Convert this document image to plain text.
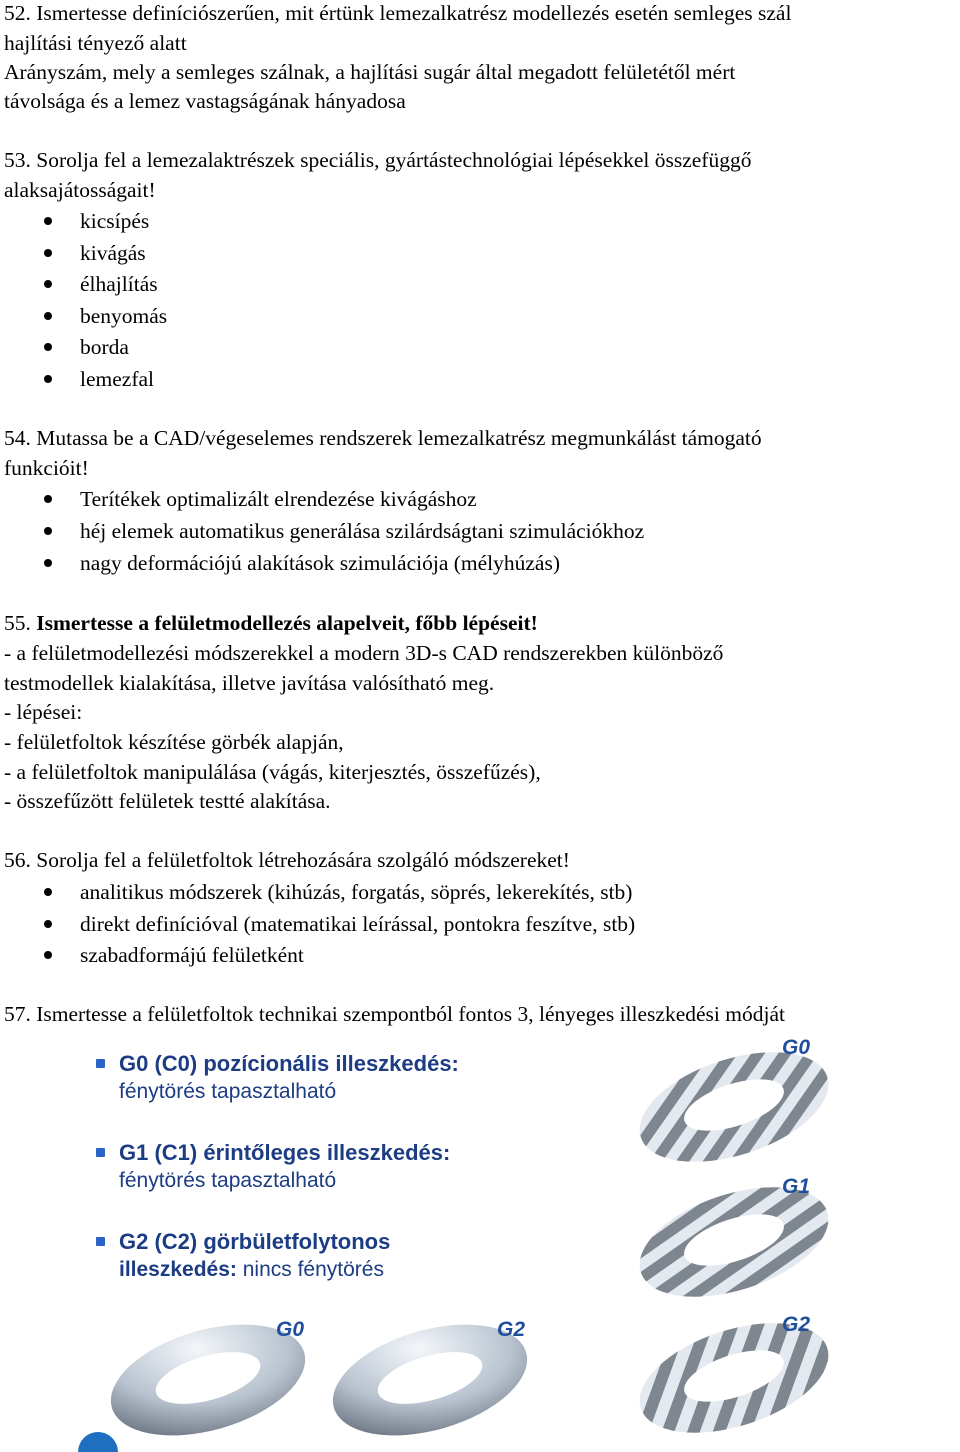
52. Ismertesse definíciószerűen, mit értünk lemezalkatrész modellezés esetén semleges szál
hajlítási tényező alatt
Arányszám, mely a semleges szálnak, a hajlítási sugár által megadott felületétől mért
távolsága és a lemez vastagságának hányadosa
53. Sorolja fel a lemezalaktrészek speciális, gyártástechnológiai lépésekkel összefüggő
alaksajátosságait!
kicsípés
kivágás
élhajlítás
benyomás
borda
lemezfal
54. Mutassa be a CAD/végeselemes rendszerek lemezalkatrész megmunkálást támogató
funkcióit!
Terítékek optimalizált elrendezése kivágáshoz
héj elemek automatikus generálása szilárdságtani szimulációkhoz
nagy deformációjú alakítások szimulációja (mélyhúzás)
55. Ismertesse a felületmodellezés alapelveit, főbb lépéseit!
- a felületmodellezési módszerekkel a modern 3D-s CAD rendszerekben különböző
testmodellek kialakítása, illetve javítása valósítható meg.
- lépései:
- felületfoltok készítése görbék alapján,
- a felületfoltok manipulálása (vágás, kiterjesztés, összefűzés),
- összefűzött felületek testté alakítása.
56. Sorolja fel a felületfoltok létrehozására szolgáló módszereket!
analitikus módszerek (kihúzás, forgatás, söprés, lekerekítés, stb)
direkt definícióval (matematikai leírással, pontokra feszítve, stb)
szabadformájú felületként
57. Ismertesse a felületfoltok technikai szempontból fontos 3, lényeges illeszkedési módját
G0 (C0) pozícionális illeszkedés:
fénytörés tapasztalható
G1 (C1) érintőleges illeszkedés:
fénytörés tapasztalható
G2 (C2) görbületfolytonos
illeszkedés: nincs fénytörés
G0
G1
G2
G0	G2
